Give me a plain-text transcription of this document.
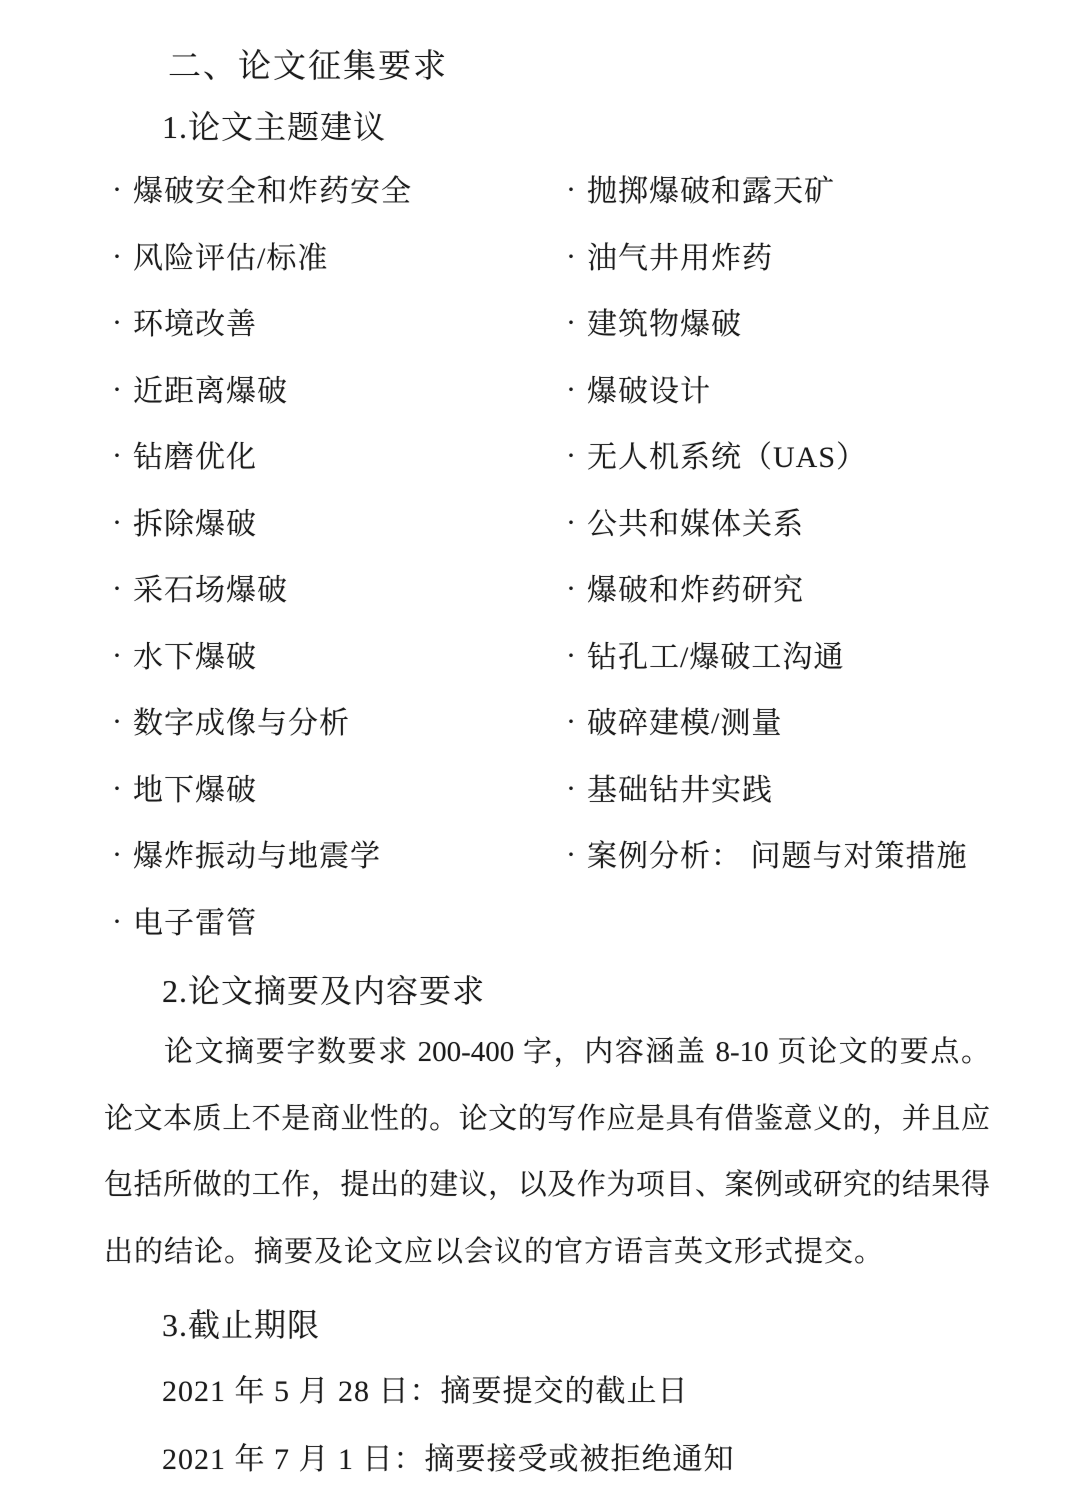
二、论文征集要求
1.论文主题建议
· 爆破安全和炸药安全	· 抛掷爆破和露天矿
· 风险评估/标准	· 油气井用炸药
· 环境改善	· 建筑物爆破
· 近距离爆破	· 爆破设计
· 钻磨优化	· 无人机系统（UAS）
· 拆除爆破	· 公共和媒体关系
· 采石场爆破	· 爆破和炸药研究
· 水下爆破	· 钻孔工/爆破工沟通
· 数字成像与分析	· 破碎建模/测量
· 地下爆破	· 基础钻井实践
· 爆炸振动与地震学	· 案例分析： 问题与对策措施
· 电子雷管
2.论文摘要及内容要求
论文摘要字数要求 200-400 字，内容涵盖 8-10 页论文的要点。
论文本质上不是商业性的。论文的写作应是具有借鉴意义的，并且应
包括所做的工作，提出的建议，以及作为项目、案例或研究的结果得
出的结论。摘要及论文应以会议的官方语言英文形式提交。
3.截止期限
2021 年 5 月 28 日：摘要提交的截止日
2021 年 7 月 1 日：摘要接受或被拒绝通知
